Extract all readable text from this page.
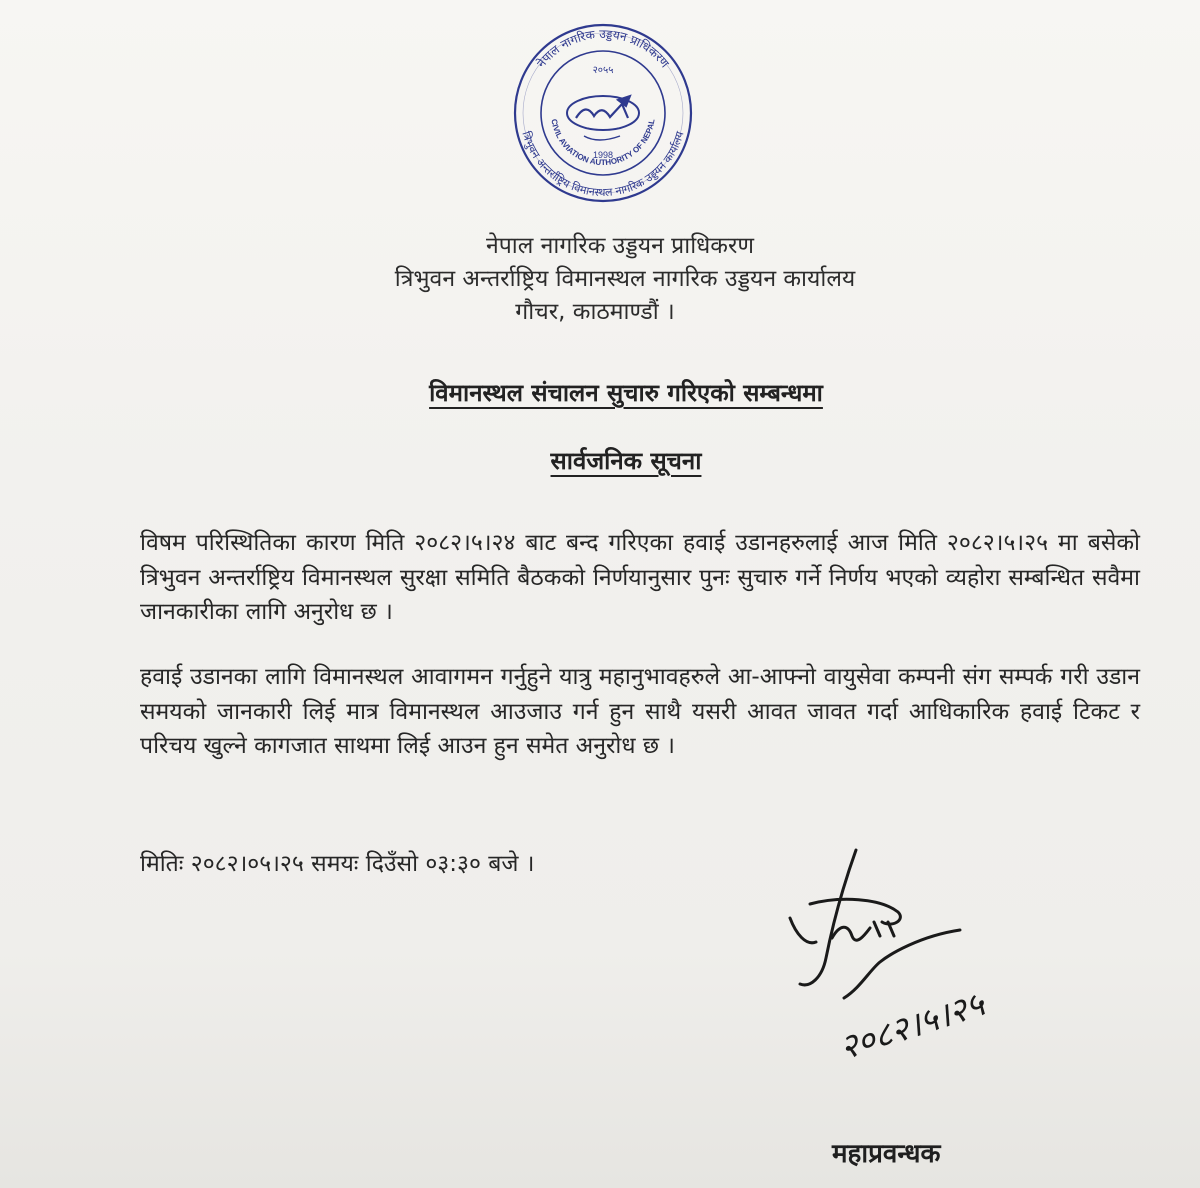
नेपाल नागरिक उड्डयन प्राधिकरण
त्रिभुवन अन्तर्राष्ट्रिय विमानस्थल नागरिक उड्डयन कार्यालय
२०५५
CIVIL AVIATION AUTHORITY OF NEPAL
1998
नेपाल नागरिक उड्डयन प्राधिकरण
त्रिभुवन अन्तर्राष्ट्रिय विमानस्थल नागरिक उड्डयन कार्यालय
गौचर, काठमाण्डौं ।
विमानस्थल संचालन सुचारु गरिएको सम्बन्धमा
सार्वजनिक सूचना
विषम परिस्थितिका कारण मिति २०८२।५।२४ बाट बन्द गरिएका हवाई उडानहरुलाई आज मिति २०८२।५।२५ मा बसेको त्रिभुवन अन्तर्राष्ट्रिय विमानस्थल सुरक्षा समिति बैठकको निर्णयानुसार पुनः सुचारु गर्ने निर्णय भएको व्यहोरा सम्बन्धित सवैमा जानकारीका लागि अनुरोध छ ।
हवाई उडानका लागि विमानस्थल आवागमन गर्नुहुने यात्रु महानुभावहरुले आ-आफ्नो वायुसेवा कम्पनी संग सम्पर्क गरी उडान समयको जानकारी लिई मात्र विमानस्थल आउजाउ गर्न हुन साथै यसरी आवत जावत गर्दा आधिकारिक हवाई टिकट र परिचय खुल्ने कागजात साथमा लिई आउन हुन समेत अनुरोध छ ।
मितिः २०८२।०५।२५ समयः दिउँसो ०३:३० बजे ।
२०८२।५।२५
महाप्रवन्धक
